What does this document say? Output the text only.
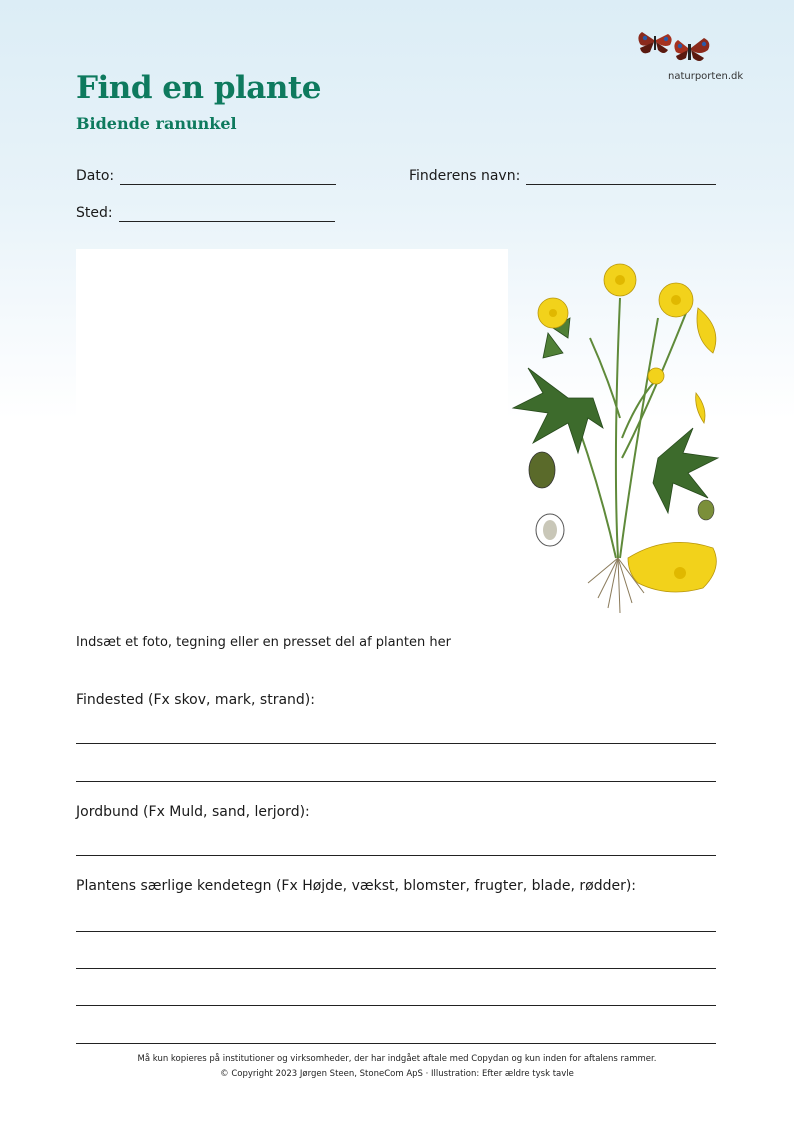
naturporten.dk
Find en plante
Bidende ranunkel
Dato:	Finderens navn:
Sted:
Indsæt et foto, tegning eller en presset del af planten her
Findested (Fx skov, mark, strand):
Jordbund (Fx Muld, sand, lerjord):
Plantens særlige kendetegn (Fx Højde, vækst, blomster, frugter, blade, rødder):
Må kun kopieres på institutioner og virksomheder, der har indgået aftale med Copydan og kun inden for aftalens rammer.
© Copyright 2023 Jørgen Steen, StoneCom ApS · Illustration: Efter ældre tysk tavle
